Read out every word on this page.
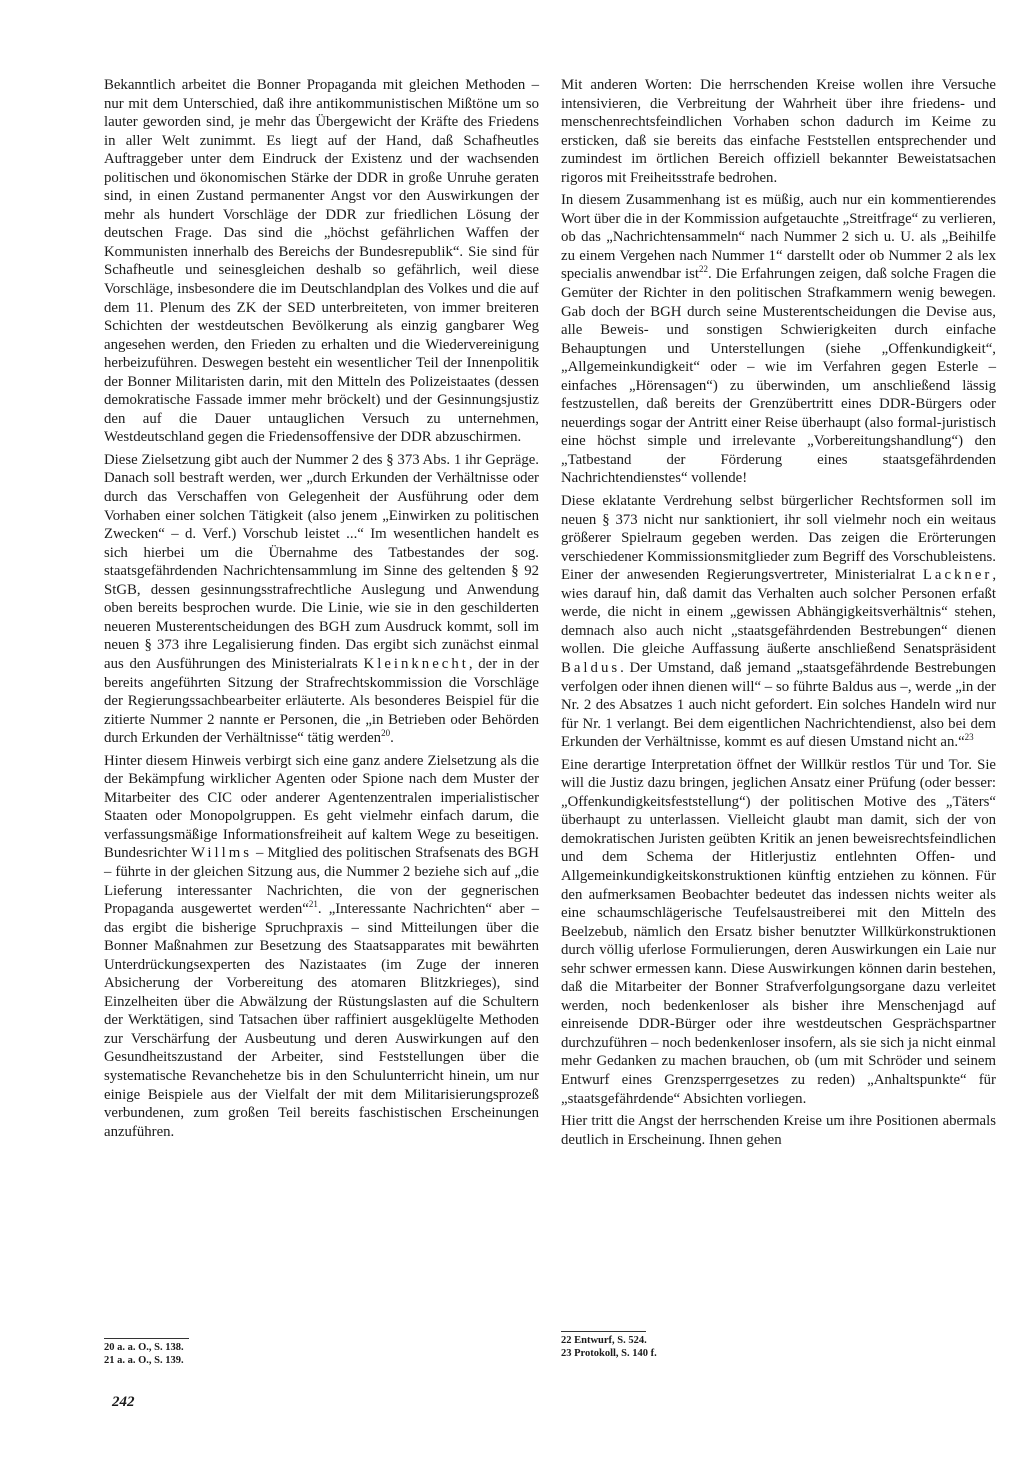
Bekanntlich arbeitet die Bonner Propaganda mit gleichen Methoden – nur mit dem Unterschied, daß ihre antikommunistischen Mißtöne um so lauter geworden sind, je mehr das Übergewicht der Kräfte des Friedens in aller Welt zunimmt. Es liegt auf der Hand, daß Schafheutles Auftraggeber unter dem Eindruck der Existenz und der wachsenden politischen und ökonomischen Stärke der DDR in große Unruhe geraten sind, in einen Zustand permanenter Angst vor den Auswirkungen der mehr als hundert Vorschläge der DDR zur friedlichen Lösung der deutschen Frage. Das sind die „höchst gefährlichen Waffen der Kommunisten innerhalb des Bereichs der Bundesrepublik“. Sie sind für Schafheutle und seinesgleichen deshalb so gefährlich, weil diese Vorschläge, insbesondere die im Deutschlandplan des Volkes und die auf dem 11. Plenum des ZK der SED unterbreiteten, von immer breiteren Schichten der westdeutschen Bevölkerung als einzig gangbarer Weg angesehen werden, den Frieden zu erhalten und die Wiedervereinigung herbeizuführen. Deswegen besteht ein wesentlicher Teil der Innenpolitik der Bonner Militaristen darin, mit den Mitteln des Polizeistaates (dessen demokratische Fassade immer mehr bröckelt) und der Gesinnungsjustiz den auf die Dauer untauglichen Versuch zu unternehmen, Westdeutschland gegen die Friedensoffensive der DDR abzuschirmen.

Diese Zielsetzung gibt auch der Nummer 2 des § 373 Abs. 1 ihr Gepräge. Danach soll bestraft werden, wer „durch Erkunden der Verhältnisse oder durch das Verschaffen von Gelegenheit der Ausführung oder dem Vorhaben einer solchen Tätigkeit (also jenem „Einwirken zu politischen Zwecken“ – d. Verf.) Vorschub leistet ...“ Im wesentlichen handelt es sich hierbei um die Übernahme des Tatbestandes der sog. staatsgefährdenden Nachrichtensammlung im Sinne des geltenden § 92 StGB, dessen gesinnungsstrafrechtliche Auslegung und Anwendung oben bereits besprochen wurde. Die Linie, wie sie in den geschilderten neueren Musterentscheidungen des BGH zum Ausdruck kommt, soll im neuen § 373 ihre Legalisierung finden. Das ergibt sich zunächst einmal aus den Ausführungen des Ministerialrats Kleinknecht, der in der bereits angeführten Sitzung der Strafrechtskommission die Vorschläge der Regierungssachbearbeiter erläuterte. Als besonderes Beispiel für die zitierte Nummer 2 nannte er Personen, die „in Betrieben oder Behörden durch Erkunden der Verhältnisse“ tätig werden$^{20}$.

Hinter diesem Hinweis verbirgt sich eine ganz andere Zielsetzung als die der Bekämpfung wirklicher Agenten oder Spione nach dem Muster der Mitarbeiter des CIC oder anderer Agentenzentralen imperialistischer Staaten oder Monopolgruppen. Es geht vielmehr einfach darum, die verfassungsmäßige Informationsfreiheit auf kaltem Wege zu beseitigen. Bundesrichter Willms – Mitglied des politischen Strafsenats des BGH – führte in der gleichen Sitzung aus, die Nummer 2 beziehe sich auf „die Lieferung interessanter Nachrichten, die von der gegnerischen Propaganda ausgewertet werden“$^{21}$. „Interessante Nachrichten“ aber – das ergibt die bisherige Spruchpraxis – sind Mitteilungen über die Bonner Maßnahmen zur Besetzung des Staatsapparates mit bewährten Unterdrückungsexperten des Nazistaates (im Zuge der inneren Absicherung der Vorbereitung des atomaren Blitzkrieges), sind Einzelheiten über die Abwälzung der Rüstungslasten auf die Schultern der Werktätigen, sind Tatsachen über raffiniert ausgeklügelte Methoden zur Verschärfung der Ausbeutung und deren Auswirkungen auf den Gesundheitszustand der Arbeiter, sind Feststellungen über die systematische Revanchehetze bis in den Schulunterricht hinein, um nur einige Beispiele aus der Vielfalt der mit dem Militarisierungsprozeß verbundenen, zum großen Teil bereits faschistischen Erscheinungen anzuführen.

Mit anderen Worten: Die herrschenden Kreise wollen ihre Versuche intensivieren, die Verbreitung der Wahrheit über ihre friedens- und menschenrechtsfeindlichen Vorhaben schon dadurch im Keime zu ersticken, daß sie bereits das einfache Feststellen entsprechender und zumindest im örtlichen Bereich offiziell bekannter Beweistatsachen rigoros mit Freiheitsstrafe bedrohen.

In diesem Zusammenhang ist es müßig, auch nur ein kommentierendes Wort über die in der Kommission aufgetauchte „Streitfrage“ zu verlieren, ob das „Nachrichtensammeln“ nach Nummer 2 sich u. U. als „Beihilfe zu einem Vergehen nach Nummer 1“ darstellt oder ob Nummer 2 als lex specialis anwendbar ist$^{22}$. Die Erfahrungen zeigen, daß solche Fragen die Gemüter der Richter in den politischen Strafkammern wenig bewegen. Gab doch der BGH durch seine Musterentscheidungen die Devise aus, alle Beweis- und sonstigen Schwierigkeiten durch einfache Behauptungen und Unterstellungen (siehe „Offenkundigkeit“, „Allgemeinkundigkeit“ oder – wie im Verfahren gegen Esterle – einfaches „Hörensagen“) zu überwinden, um anschließend lässig festzustellen, daß bereits der Grenzübertritt eines DDR-Bürgers oder neuerdings sogar der Antritt einer Reise überhaupt (also formal-juristisch eine höchst simple und irrelevante „Vorbereitungshandlung“) den „Tatbestand der Förderung eines staatsgefährdenden Nachrichtendienstes“ vollende!

Diese eklatante Verdrehung selbst bürgerlicher Rechtsformen soll im neuen § 373 nicht nur sanktioniert, ihr soll vielmehr noch ein weitaus größerer Spielraum gegeben werden. Das zeigen die Erörterungen verschiedener Kommissionsmitglieder zum Begriff des Vorschubleistens. Einer der anwesenden Regierungsvertreter, Ministerialrat Lackner, wies darauf hin, daß damit das Verhalten auch solcher Personen erfaßt werde, die nicht in einem „gewissen Abhängigkeitsverhältnis“ stehen, demnach also auch nicht „staatsgefährdenden Bestrebungen“ dienen wollen. Die gleiche Auffassung äußerte anschließend Senatspräsident Baldus. Der Umstand, daß jemand „staatsgefährdende Bestrebungen verfolgen oder ihnen dienen will“ – so führte Baldus aus –, werde „in der Nr. 2 des Absatzes 1 auch nicht gefordert. Ein solches Handeln wird nur für Nr. 1 verlangt. Bei dem eigentlichen Nachrichtendienst, also bei dem Erkunden der Verhältnisse, kommt es auf diesen Umstand nicht an.“$^{23}$

Eine derartige Interpretation öffnet der Willkür restlos Tür und Tor. Sie will die Justiz dazu bringen, jeglichen Ansatz einer Prüfung (oder besser: „Offenkundigkeitsfeststellung“) der politischen Motive des „Täters“ überhaupt zu unterlassen. Vielleicht glaubt man damit, sich der von demokratischen Juristen geübten Kritik an jenen beweisrechtsfeindlichen und dem Schema der Hitlerjustiz entlehnten Offen- und Allgemeinkundigkeitskonstruktionen künftig entziehen zu können. Für den aufmerksamen Beobachter bedeutet das indessen nichts weiter als eine schaumschlägerische Teufelsaustreiberei mit den Mitteln des Beelzebub, nämlich den Ersatz bisher benutzter Willkürkonstruktionen durch völlig uferlose Formulierungen, deren Auswirkungen ein Laie nur sehr schwer ermessen kann. Diese Auswirkungen können darin bestehen, daß die Mitarbeiter der Bonner Strafverfolgungsorgane dazu verleitet werden, noch bedenkenloser als bisher ihre Menschenjagd auf einreisende DDR-Bürger oder ihre westdeutschen Gesprächspartner durchzuführen – noch bedenkenloser insofern, als sie sich ja nicht einmal mehr Gedanken zu machen brauchen, ob (um mit Schröder und seinem Entwurf eines Grenzsperrgesetzes zu reden) „Anhaltspunkte“ für „staatsgefährdende“ Absichten vorliegen.

Hier tritt die Angst der herrschenden Kreise um ihre Positionen abermals deutlich in Erscheinung. Ihnen gehen

20 a. a. O., S. 138.

21 a. a. O., S. 139.

22 Entwurf, S. 524.

23 Protokoll, S. 140 f.

242
